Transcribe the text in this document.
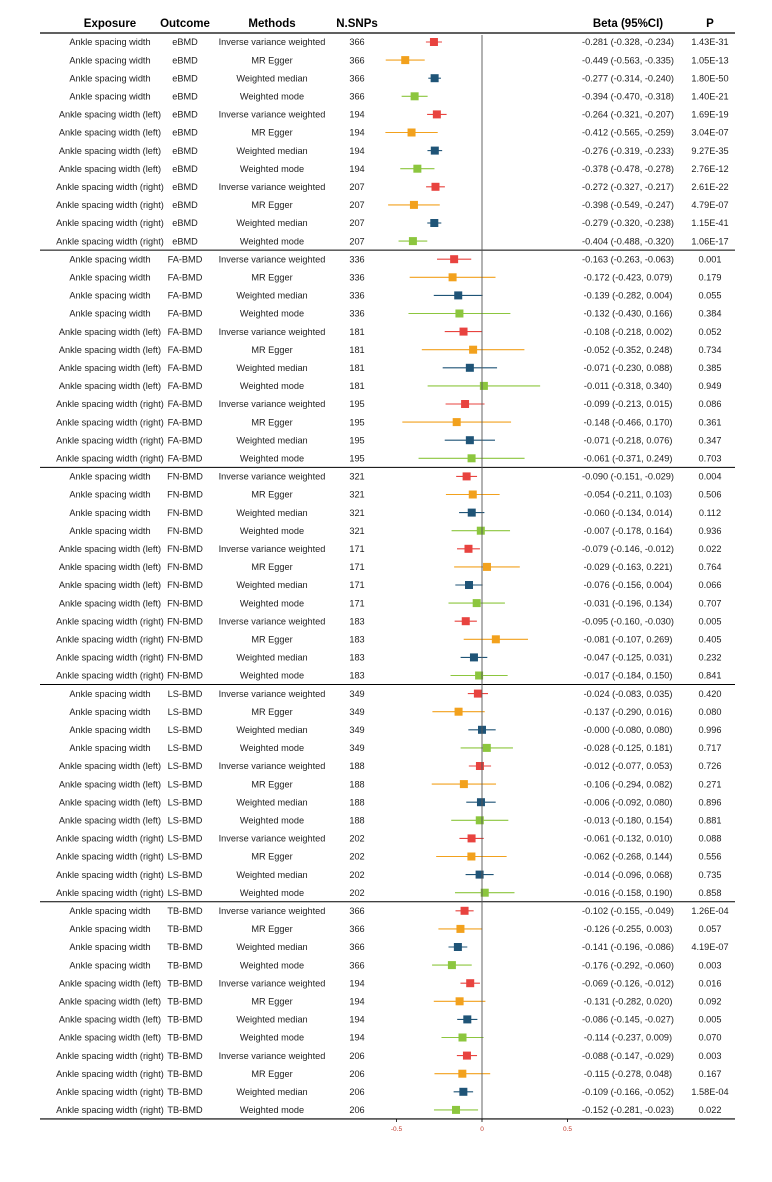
Exposure Outcome	Methods	N.SNPs	Beta (95%CI)	P
Ankle spacing width eBMD Inverse variance weighted	366	-0.281 (-0.328, -0.234) 1.43E-31
Ankle spacing width eBMD	MR Egger	366	-0.449 (-0.563, -0.335) 1.05E-13
Ankle spacing width eBMD	Weighted median	366	-0.277 (-0.314, -0.240) 1.80E-50
Ankle spacing width eBMD	Weighted mode	366	-0.394 (-0.470, -0.318) 1.40E-21
Ankle spacing width (left) eBMD Inverse variance weighted	194	-0.264 (-0.321, -0.207) 1.69E-19
Ankle spacing width (left) eBMD	MR Egger	194	-0.412 (-0.565, -0.259) 3.04E-07
Ankle spacing width (left) eBMD	Weighted median	194	-0.276 (-0.319, -0.233) 9.27E-35
Ankle spacing width (left) eBMD	Weighted mode	194	-0.378 (-0.478, -0.278) 2.76E-12
Ankle spacing width (right) eBMD Inverse variance weighted	207	-0.272 (-0.327, -0.217) 2.61E-22
Ankle spacing width (right) eBMD	MR Egger	207	-0.398 (-0.549, -0.247) 4.79E-07
Ankle spacing width (right) eBMD	Weighted median	207	-0.279 (-0.320, -0.238) 1.15E-41
Ankle spacing width (right) eBMD	Weighted mode	207	-0.404 (-0.488, -0.320) 1.06E-17
Ankle spacing width FA-BMD Inverse variance weighted	336	-0.163 (-0.263, -0.063)	0.001
Ankle spacing width FA-BMD	MR Egger	336	-0.172 (-0.423, 0.079)	0.179
Ankle spacing width FA-BMD	Weighted median	336	-0.139 (-0.282, 0.004)	0.055
Ankle spacing width FA-BMD	Weighted mode	336	-0.132 (-0.430, 0.166)	0.384
Ankle spacing width (left) FA-BMD Inverse variance weighted	181	-0.108 (-0.218, 0.002)	0.052
Ankle spacing width (left) FA-BMD	MR Egger	181	-0.052 (-0.352, 0.248)	0.734
Ankle spacing width (left) FA-BMD	Weighted median	181	-0.071 (-0.230, 0.088)	0.385
Ankle spacing width (left) FA-BMD	Weighted mode	181	-0.011 (-0.318, 0.340)	0.949
Ankle spacing width (right) FA-BMD Inverse variance weighted	195	-0.099 (-0.213, 0.015)	0.086
Ankle spacing width (right) FA-BMD	MR Egger	195	-0.148 (-0.466, 0.170)	0.361
Ankle spacing width (right) FA-BMD	Weighted median	195	-0.071 (-0.218, 0.076)	0.347
Ankle spacing width (right) FA-BMD	Weighted mode	195	-0.061 (-0.371, 0.249)	0.703
Ankle spacing width FN-BMD Inverse variance weighted	321	-0.090 (-0.151, -0.029)	0.004
Ankle spacing width FN-BMD	MR Egger	321	-0.054 (-0.211, 0.103)	0.506
Ankle spacing width FN-BMD	Weighted median	321	-0.060 (-0.134, 0.014)	0.112
Ankle spacing width FN-BMD	Weighted mode	321	-0.007 (-0.178, 0.164)	0.936
Ankle spacing width (left) FN-BMD Inverse variance weighted	171	-0.079 (-0.146, -0.012)	0.022
Ankle spacing width (left) FN-BMD	MR Egger	171	-0.029 (-0.163, 0.221)	0.764
Ankle spacing width (left) FN-BMD	Weighted median	171	-0.076 (-0.156, 0.004)	0.066
Ankle spacing width (left) FN-BMD	Weighted mode	171	-0.031 (-0.196, 0.134)	0.707
Ankle spacing width (right) FN-BMD Inverse variance weighted	183	-0.095 (-0.160, -0.030)	0.005
Ankle spacing width (right) FN-BMD	MR Egger	183	-0.081 (-0.107, 0.269)	0.405
Ankle spacing width (right) FN-BMD	Weighted median	183	-0.047 (-0.125, 0.031)	0.232
Ankle spacing width (right) FN-BMD	Weighted mode	183	-0.017 (-0.184, 0.150)	0.841
Ankle spacing width LS-BMD Inverse variance weighted	349	-0.024 (-0.083, 0.035)	0.420
Ankle spacing width LS-BMD	MR Egger	349	-0.137 (-0.290, 0.016)	0.080
Ankle spacing width LS-BMD	Weighted median	349	-0.000 (-0.080, 0.080)	0.996
Ankle spacing width LS-BMD	Weighted mode	349	-0.028 (-0.125, 0.181)	0.717
Ankle spacing width (left) LS-BMD Inverse variance weighted	188	-0.012 (-0.077, 0.053)	0.726
Ankle spacing width (left) LS-BMD	MR Egger	188	-0.106 (-0.294, 0.082)	0.271
Ankle spacing width (left) LS-BMD	Weighted median	188	-0.006 (-0.092, 0.080)	0.896
Ankle spacing width (left) LS-BMD	Weighted mode	188	-0.013 (-0.180, 0.154)	0.881
Ankle spacing width (right) LS-BMD Inverse variance weighted	202	-0.061 (-0.132, 0.010)	0.088
Ankle spacing width (right) LS-BMD	MR Egger	202	-0.062 (-0.268, 0.144)	0.556
Ankle spacing width (right) LS-BMD	Weighted median	202	-0.014 (-0.096, 0.068)	0.735
Ankle spacing width (right) LS-BMD	Weighted mode	202	-0.016 (-0.158, 0.190)	0.858
Ankle spacing width TB-BMD Inverse variance weighted	366	-0.102 (-0.155, -0.049) 1.26E-04
Ankle spacing width TB-BMD	MR Egger	366	-0.126 (-0.255, 0.003)	0.057
Ankle spacing width TB-BMD	Weighted median	366	-0.141 (-0.196, -0.086) 4.19E-07
Ankle spacing width TB-BMD	Weighted mode	366	-0.176 (-0.292, -0.060)	0.003
Ankle spacing width (left) TB-BMD Inverse variance weighted	194	-0.069 (-0.126, -0.012)	0.016
Ankle spacing width (left) TB-BMD	MR Egger	194	-0.131 (-0.282, 0.020)	0.092
Ankle spacing width (left) TB-BMD	Weighted median	194	-0.086 (-0.145, -0.027)	0.005
Ankle spacing width (left) TB-BMD	Weighted mode	194	-0.114 (-0.237, 0.009)	0.070
Ankle spacing width (right) TB-BMD Inverse variance weighted	206	-0.088 (-0.147, -0.029)	0.003
Ankle spacing width (right) TB-BMD	MR Egger	206	-0.115 (-0.278, 0.048)	0.167
Ankle spacing width (right) TB-BMD	Weighted median	206	-0.109 (-0.166, -0.052) 1.58E-04
Ankle spacing width (right) TB-BMD	Weighted mode	206	-0.152 (-0.281, -0.023)	0.022
-0.5	0	0.5
